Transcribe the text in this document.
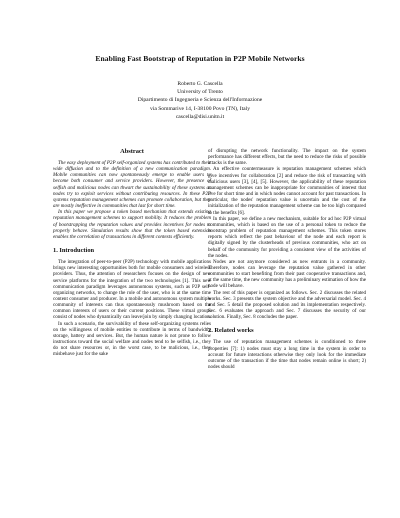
Enabling Fast Bootstrap of Reputation in P2P Mobile Networks
Roberto G. Cascella
University of Trento
Dipartimento di Ingegneria e Scienza dell'Informazione
via Sommarive 14, I-38100 Povo (TN), Italy
cascella@disi.unitn.it
Abstract

The easy deployment of P2P self-organized systems has contributed to their wide diffusion and to the definition of a new communication paradigm. Mobile communities can now spontaneously emerge to enable users to become both consumer and service providers. However, the presence of selfish and malicious nodes can thwart the sustainability of these systems as nodes try to exploit services without contributing resources. In these P2P systems reputation management schemes can promote collaboration, but they are mostly ineffective in communities that last for short time.

In this paper we propose a token based mechanism that extends existing reputation management schemes to support mobility. It reduces the problem of bootstrapping the reputation values and provides incentives for nodes to properly behave. Simulation results show that the token based extension enables the correlation of transactions in different contexts efficiently.

1. Introduction

The integration of peer-to-peer (P2P) technology with mobile applications brings new interesting opportunities both for mobile consumers and wireless providers. Thus, the attention of researchers focuses on the design of new service platforms for the integration of the two technologies [1]. This new communication paradigm leverages autonomous systems, such as P2P self-organizing networks, to change the role of the user, who is at the same time content consumer and producer. In a mobile and autonomous system multiple community of interests can thus spontaneously mushroom based on the common interests of users or their current positions. These virtual groups consist of nodes who dynamically can leave/join by simply changing location.

In such a scenario, the survivability of these self-organizing systems relies on the willingness of mobile entities to contribute in terms of bandwidth, storage, battery and services. But, the human nature is not prone to follow instructions toward the social welfare and nodes tend to be selfish, i.e., they do not share resources or, in the worst case, to be malicious, i.e., they misbehave just for the sake

of disrupting the network functionality. The impact on the system performance has different effects, but the need to reduce the risks of possible attacks is the same.

An effective countermeasure is reputation management schemes which give incentives for collaboration [2] and reduce the risk of transacting with malicious users [3], [4], [5]. However, the applicability of these reputation management schemes can be inappropriate for communities of interest that live for short time and in which nodes cannot account for past transactions. In particular, the nodes' reputation value is uncertain and the cost of the initialization of the reputation management scheme can be too high compared to the benefits [6].

In this paper, we define a new mechanism, suitable for ad hoc P2P virtual communities, which is based on the use of a personal token to reduce the bootstrap problem of reputation management schemes. This token stores reports which reflect the past behaviour of the node and each report is digitally signed by the clusterheads of previous communities, who act on behalf of the community for providing a consistent view of the activities of the nodes.

Nodes are not anymore considered as new entrants in a community. Therefore, nodes can leverage the reputation value gathered in other communities to start benefiting from their past cooperative transactions and, at the same time, the new community has a preliminary estimation of how the node will behave.

The rest of this paper is organized as follows. Sec. 2 discusses the related works. Sec. 3 presents the system objective and the adversarial model. Sec. 4 and Sec. 5 detail the proposed solution and its implementation respectively. Sec. 6 evaluates the approach and Sec. 7 discusses the security of our solution. Finally, Sec. 8 concludes the paper.

2. Related works

The use of reputation management schemes is conditioned to three properties [7]: 1) nodes must stay a long time in the system in order to account for future interactions otherwise they only look for the immediate outcome of the transaction if the time that nodes remain online is short; 2) nodes should
